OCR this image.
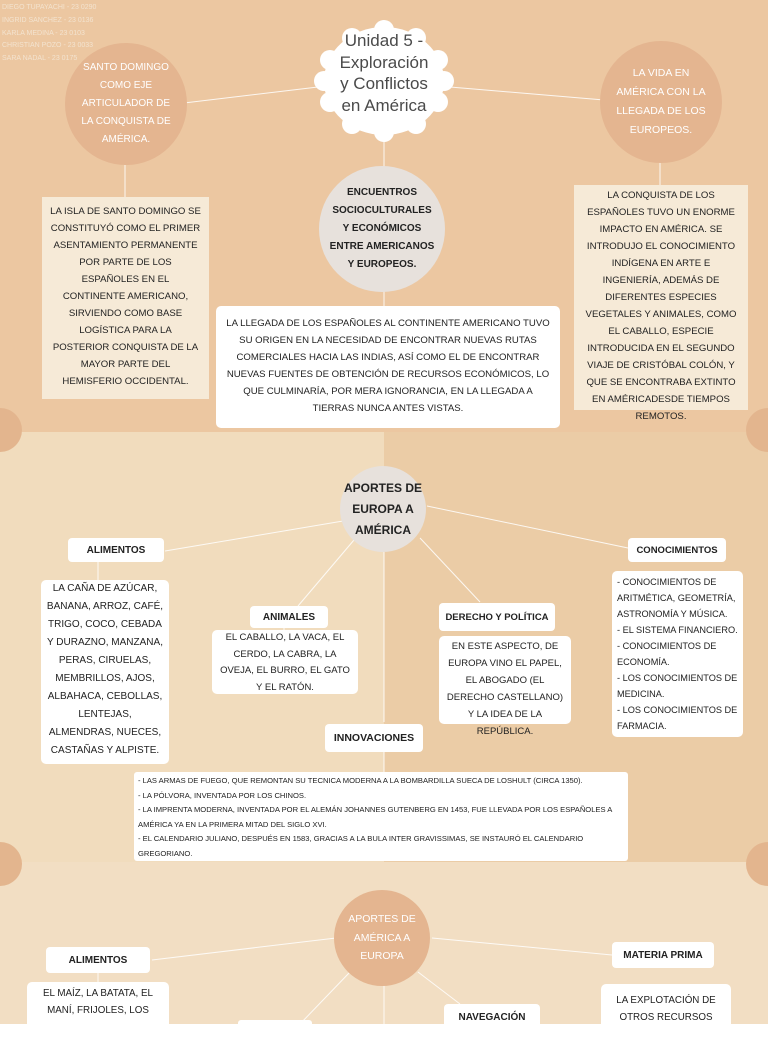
DIEGO TUPAYACHI - 23 0290
INGRID SANCHEZ - 23 0136
KARLA MEDINA - 23 0103
CHRISTIAN POZO - 23 0033
SARA NADAL - 23 0175
Unidad 5 -
Exploración
y Conflictos
en América
SANTO DOMINGO COMO EJE ARTICULADOR DE LA CONQUISTA DE AMÉRICA.
LA ISLA DE SANTO DOMINGO SE CONSTITUYÓ COMO EL PRIMER ASENTAMIENTO PERMANENTE POR PARTE DE LOS ESPAÑOLES EN EL CONTINENTE AMERICANO, SIRVIENDO COMO BASE LOGÍSTICA PARA LA POSTERIOR CONQUISTA DE LA MAYOR PARTE DEL HEMISFERIO OCCIDENTAL.
LA VIDA EN AMÉRICA CON LA LLEGADA DE LOS EUROPEOS.
LA CONQUISTA DE LOS ESPAÑOLES TUVO UN ENORME IMPACTO EN AMÉRICA. SE INTRODUJO EL CONOCIMIENTO INDÍGENA EN ARTE E INGENIERÍA, ADEMÁS DE DIFERENTES ESPECIES VEGETALES Y ANIMALES, COMO EL CABALLO, ESPECIE INTRODUCIDA EN EL SEGUNDO VIAJE DE CRISTÓBAL COLÓN, Y QUE SE ENCONTRABA EXTINTO EN AMÉRICADESDE TIEMPOS REMOTOS.
ENCUENTROS SOCIOCULTURALES Y ECONÓMICOS ENTRE AMERICANOS Y EUROPEOS.
LA LLEGADA DE LOS ESPAÑOLES AL CONTINENTE AMERICANO TUVO SU ORIGEN EN LA NECESIDAD DE ENCONTRAR NUEVAS RUTAS COMERCIALES HACIA LAS INDIAS, ASÍ COMO EL DE ENCONTRAR NUEVAS FUENTES DE OBTENCIÓN DE RECURSOS ECONÓMICOS, LO QUE CULMINARÍA, POR MERA IGNORANCIA, EN LA LLEGADA A TIERRAS NUNCA ANTES VISTAS.
APORTES DE EUROPA A AMÉRICA
ALIMENTOS
LA CAÑA DE AZÚCAR, BANANA, ARROZ, CAFÉ, TRIGO, COCO, CEBADA Y DURAZNO, MANZANA, PERAS, CIRUELAS, MEMBRILLOS, AJOS, ALBAHACA, CEBOLLAS, LENTEJAS, ALMENDRAS, NUECES, CASTAÑAS Y ALPISTE.
ANIMALES
EL CABALLO, LA VACA, EL CERDO, LA CABRA, LA OVEJA, EL BURRO, EL GATO Y EL RATÓN.
DERECHO Y POLÍTICA
EN ESTE ASPECTO, DE EUROPA VINO EL PAPEL, EL ABOGADO (EL DERECHO CASTELLANO) Y LA IDEA DE LA REPÚBLICA.
CONOCIMIENTOS
- CONOCIMIENTOS DE ARITMÉTICA, GEOMETRÍA, ASTRONOMÍA Y MÚSICA.
- EL SISTEMA FINANCIERO.
- CONOCIMIENTOS DE ECONOMÍA.
- LOS CONOCIMIENTOS DE MEDICINA.
- LOS CONOCIMIENTOS DE FARMACIA.
INNOVACIONES
- LAS ARMAS DE FUEGO, QUE REMONTAN SU TECNICA MODERNA A LA BOMBARDILLA SUECA DE LOSHULT (CIRCA 1350).
- LA PÓLVORA, INVENTADA POR LOS CHINOS.
- LA IMPRENTA MODERNA, INVENTADA POR EL ALEMÁN JOHANNES GUTENBERG EN 1453, FUE LLEVADA POR LOS ESPAÑOLES A AMÉRICA YA EN LA PRIMERA MITAD DEL SIGLO XVI.
- EL CALENDARIO JULIANO, DESPUÉS EN 1583, GRACIAS A LA BULA INTER GRAVISSIMAS, SE INSTAURÓ EL CALENDARIO GREGORIANO.
APORTES DE AMÉRICA A EUROPA
ALIMENTOS
EL MAÍZ, LA BATATA, EL MANÍ, FRIJOLES, LOS
MATERIA PRIMA
LA EXPLOTACIÓN DE OTROS RECURSOS
NAVEGACIÓN
